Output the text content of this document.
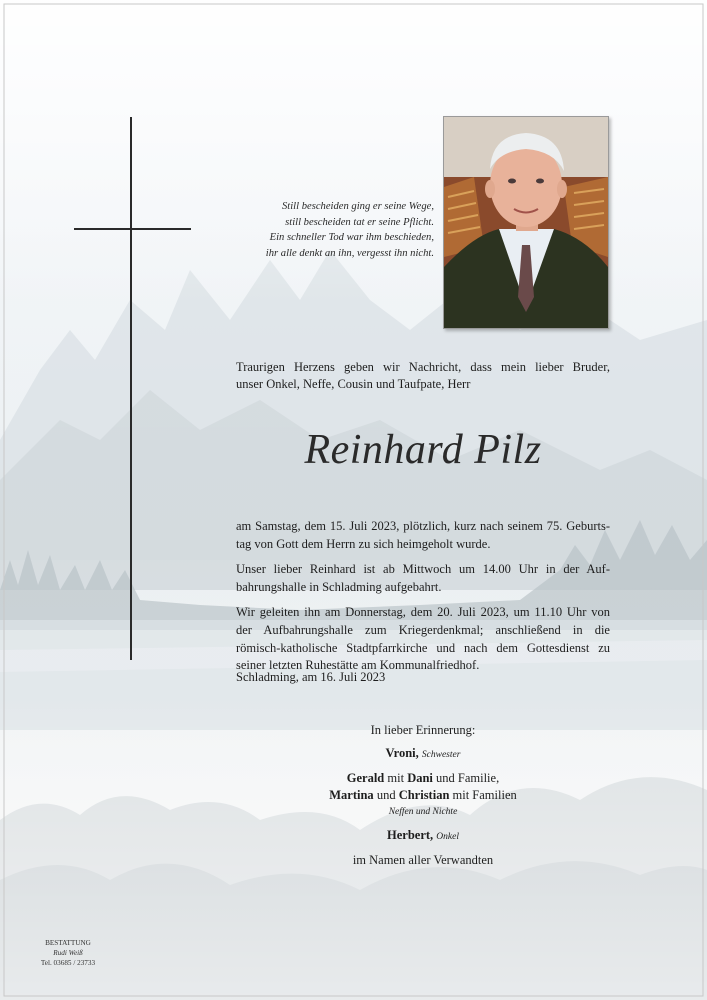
Still bescheiden ging er seine Wege,
still bescheiden tat er seine Pflicht.
Ein schneller Tod war ihm beschieden,
ihr alle denkt an ihn, vergesst ihn nicht.
Traurigen Herzens geben wir Nachricht, dass mein lieber Bruder,
unser Onkel, Neffe, Cousin und Taufpate, Herr
Reinhard Pilz

am Samstag, dem 15. Juli 2023, plötzlich, kurz nach seinem 75. Geburts-
tag von Gott dem Herrn zu sich heimgeholt wurde.

Unser lieber Reinhard ist ab Mittwoch um 14.00 Uhr in der Auf-
bahrungshalle in Schladming aufgebahrt.

Wir geleiten ihn am Donnerstag, dem 20. Juli 2023, um 11.10 Uhr von
der Aufbahrungshalle zum Kriegerdenkmal; anschließend in die
römisch-katholische Stadtpfarrkirche und nach dem Gottesdienst zu
seiner letzten Ruhestätte am Kommunalfriedhof.

Schladming, am 16. Juli 2023
In lieber Erinnerung:
Vroni, Schwester
Gerald mit Dani und Familie,
Martina und Christian mit Familien
Neffen und Nichte
Herbert, Onkel
im Namen aller Verwandten
BESTATTUNG
Rudi Weiß
Tel. 03685 / 23733
